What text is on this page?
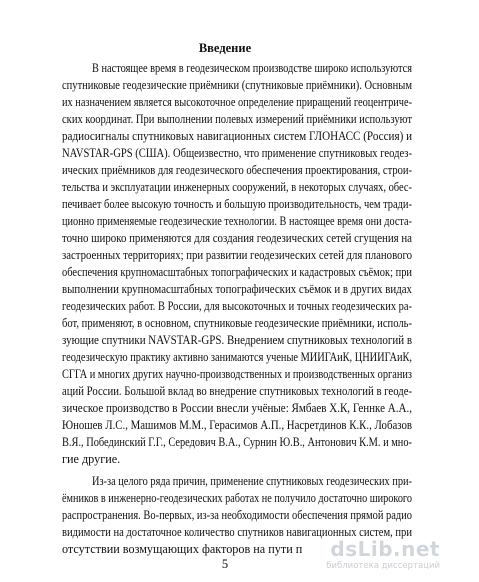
Введение
В настоящее время в геодезическом производстве широко используются
спутниковые геодезические приёмники (спутниковые приёмники). Основным
их назначением является высокоточное определение приращений геоцентриче-
ских координат. При выполнении полевых измерений приёмники используют
радиосигналы спутниковых навигационных систем ГЛОНАСС (Россия) и
NAVSTAR-GPS (США). Общеизвестно, что применение спутниковых геодез-
ических приёмников для геодезического обеспечения проектирования, строи-
тельства и эксплуатации инженерных сооружений, в некоторых случаях, обес-
печивает более высокую точность и большую производительность, чем тради-
ционно применяемые геодезические технологии. В настоящее время они доста-
точно широко применяются для создания геодезических сетей сгущения на
застроенных территориях; при развитии геодезических сетей для планового
обеспечения крупномасштабных топографических и кадастровых съёмок; при
выполнении крупномасштабных топографических съёмок и в других видах
геодезических работ. В России, для высокоточных и точных геодезических ра-
бот, применяют, в основном, спутниковые геодезические приёмники, исполь-
зующие спутники NAVSTAR-GPS. Внедрением спутниковых технологий в
геодезическую практику активно занимаются ученые МИИГАиК, ЦНИИГАиК,
СГГА и многих других научно-производственных и производственных организ
аций России. Большой вклад во внедрение спутниковых технологий в геоде-
зическое производство в России внесли учёные: Ямбаев Х.К, Геннке А.А.,
Юношев Л.С., Машимов М.М., Герасимов А.П., Насретдинов К.К., Лобазов
В.Я., Побединский Г.Г., Середович В.А., Сурнин Ю.В., Антонович К.М. и мно-
гие другие.
Из-за целого ряда причин, применение спутниковых геодезических при-
ёмников в инженерно-геодезических работах не получило достаточно широкого
распространения. Во-первых, из-за необходимости обеспечения прямой радио
видимости на достаточное количество спутников навигационных систем, при
отсутствии возмущающих факторов на пути п
5
dsLib.net
библиотека диссертаций
